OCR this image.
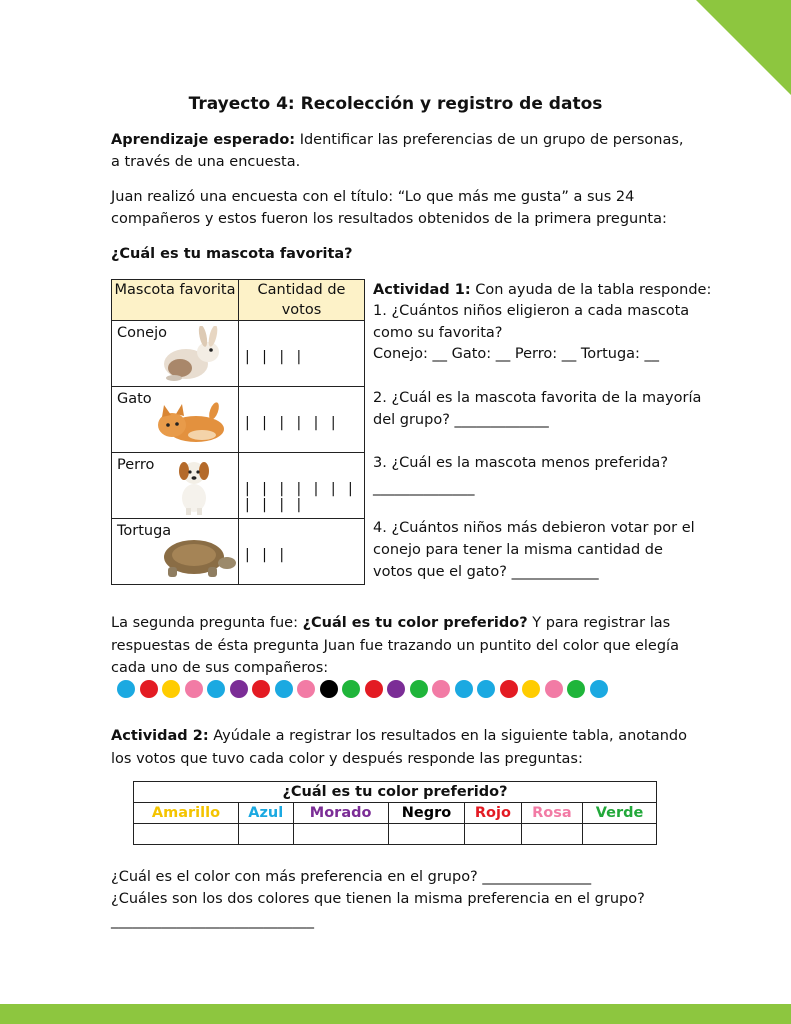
Trayecto 4: Recolección y registro de datos

Aprendizaje esperado: Identificar las preferencias de un grupo de personas,

a través de una encuesta.

Juan realizó una encuesta con el título: “Lo que más me gusta” a sus 24

compañeros y estos fueron los resultados obtenidos de la primera pregunta:

¿Cuál es tu mascota favorita?

Mascota favorita	Cantidad de votos

Conejo	| | | |

Gato	| | | | | |

Perro	| | | | | | | | | | |

Tortuga	| | |

Actividad 1: Con ayuda de la tabla responde:

1. ¿Cuántos niños eligieron a cada mascota

como su favorita?

Conejo: __ Gato: __ Perro: __ Tortuga: __

2. ¿Cuál es la mascota favorita de la mayoría

del grupo? _____________

3. ¿Cuál es la mascota menos preferida?

______________

4. ¿Cuántos niños más debieron votar por el

conejo para tener la misma cantidad de

votos que el gato? ____________

La segunda pregunta fue: ¿Cuál es tu color preferido? Y para registrar las

respuestas de ésta pregunta Juan fue trazando un puntito del color que elegía

cada uno de sus compañeros:

Actividad 2: Ayúdale a registrar los resultados en la siguiente tabla, anotando

los votos que tuvo cada color y después responde las preguntas:

¿Cuál es tu color preferido?						
Amarillo	Azul	Morado	Negro	Rojo	Rosa	Verde

¿Cuál es el color con más preferencia en el grupo? _______________

¿Cuáles son los dos colores que tienen la misma preferencia en el grupo?

____________________________
